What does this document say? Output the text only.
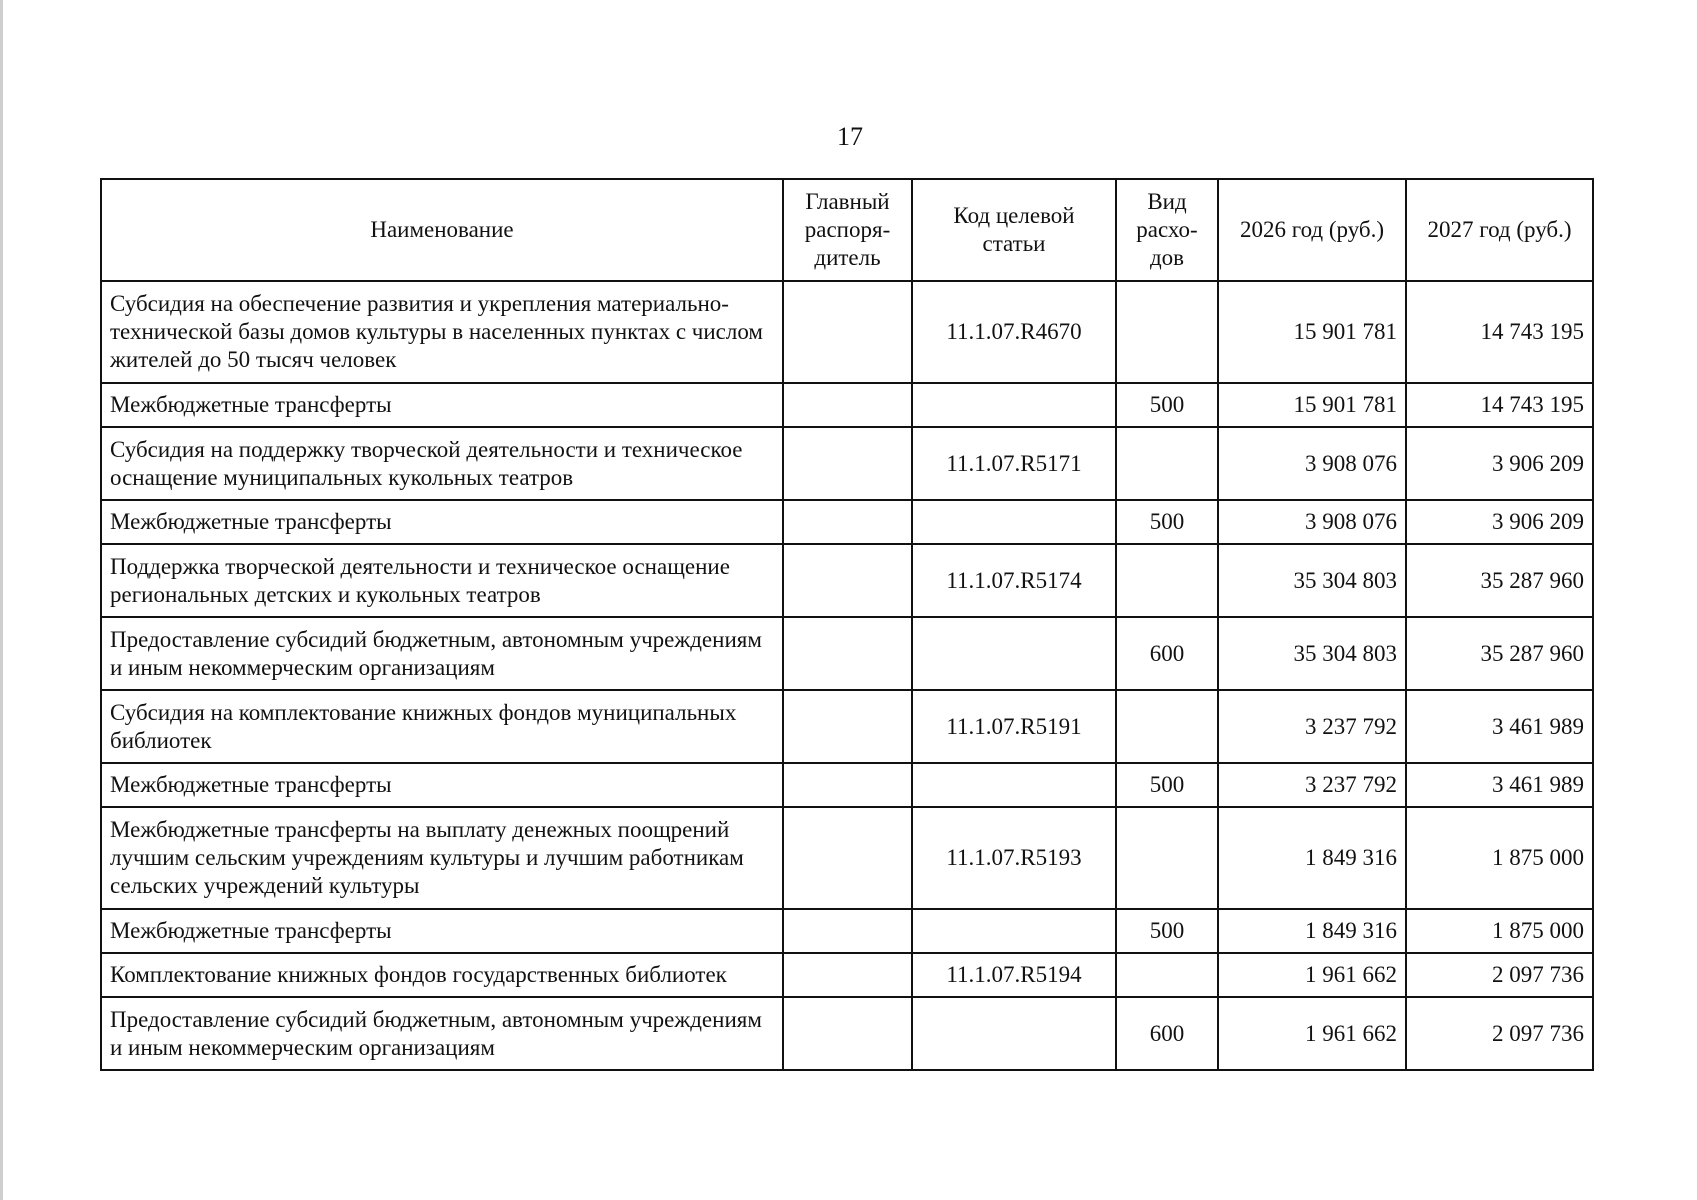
17
Наименование	Главный распоря-дитель	Код целевой статьи	Вид расхо-дов	2026 год (руб.)	2027 год (руб.)
Субсидия на обеспечение развития и укрепления материально-технической базы домов культуры в населенных пунктах с числом жителей до 50 тысяч человек		11.1.07.R4670		15 901 781	14 743 195
Межбюджетные трансферты			500	15 901 781	14 743 195
Субсидия на поддержку творческой деятельности и техническое оснащение муниципальных кукольных театров		11.1.07.R5171		3 908 076	3 906 209
Межбюджетные трансферты			500	3 908 076	3 906 209
Поддержка творческой деятельности и техническое оснащение региональных детских и кукольных театров		11.1.07.R5174		35 304 803	35 287 960
Предоставление субсидий бюджетным, автономным учреждениям и иным некоммерческим организациям			600	35 304 803	35 287 960
Субсидия на комплектование книжных фондов муниципальных библиотек		11.1.07.R5191		3 237 792	3 461 989
Межбюджетные трансферты			500	3 237 792	3 461 989
Межбюджетные трансферты на выплату денежных поощрений лучшим сельским учреждениям культуры и лучшим работникам сельских учреждений культуры		11.1.07.R5193		1 849 316	1 875 000
Межбюджетные трансферты			500	1 849 316	1 875 000
Комплектование книжных фондов государственных библиотек		11.1.07.R5194		1 961 662	2 097 736
Предоставление субсидий бюджетным, автономным учреждениям и иным некоммерческим организациям			600	1 961 662	2 097 736
